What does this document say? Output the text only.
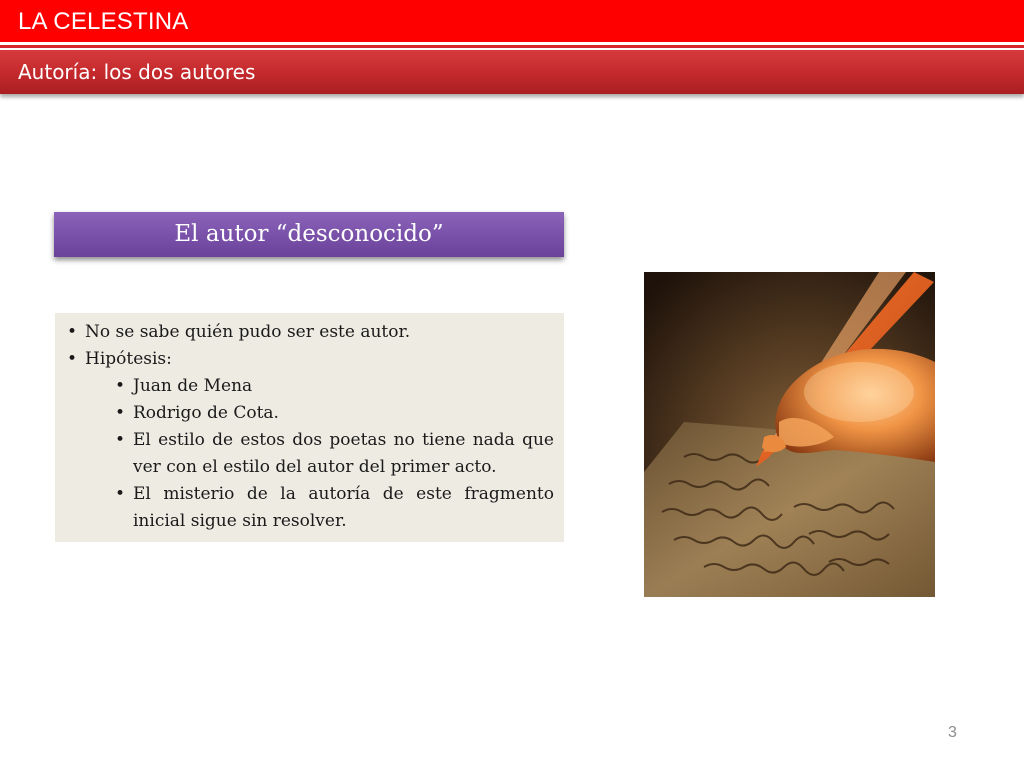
LA CELESTINA
Autoría: los dos autores
El autor “desconocido”
• No se sabe quién pudo ser este autor.
• Hipótesis:
• Juan de Mena
• Rodrigo de Cota.
• El estilo de estos dos poetas no tiene nada que ver con el estilo del autor del primer acto.
• El misterio de la autoría de este fragmento inicial sigue sin resolver.
3
